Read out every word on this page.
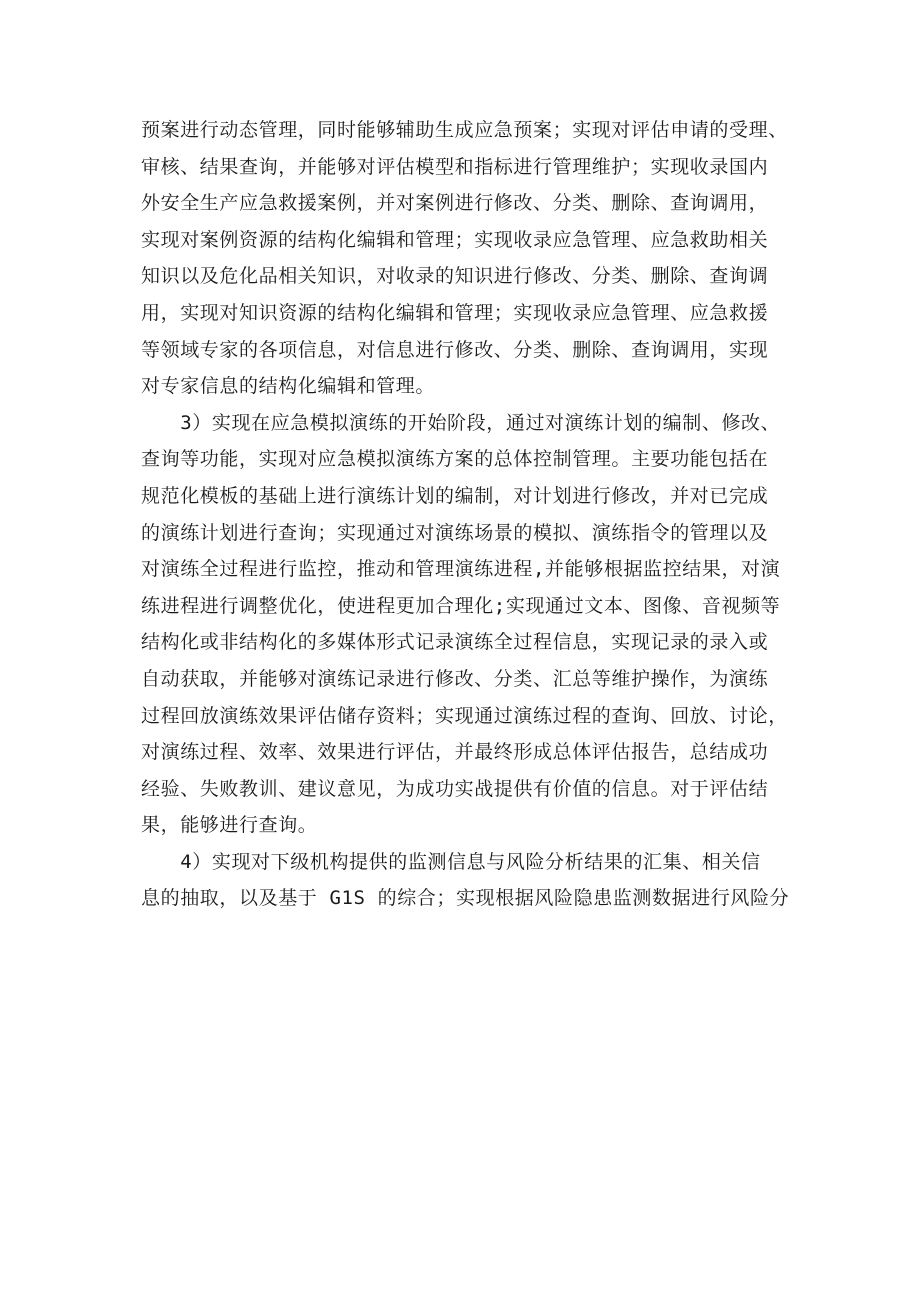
预案进行动态管理，同时能够辅助生成应急预案；实现对评估申请的受理、
审核、结果查询，并能够对评估模型和指标进行管理维护；实现收录国内
外安全生产应急救援案例，并对案例进行修改、分类、删除、查询调用，
实现对案例资源的结构化编辑和管理；实现收录应急管理、应急救助相关
知识以及危化品相关知识，对收录的知识进行修改、分类、删除、查询调
用，实现对知识资源的结构化编辑和管理；实现收录应急管理、应急救援
等领域专家的各项信息，对信息进行修改、分类、删除、查询调用，实现
对专家信息的结构化编辑和管理。
　　3）实现在应急模拟演练的开始阶段，通过对演练计划的编制、修改、
查询等功能，实现对应急模拟演练方案的总体控制管理。主要功能包括在
规范化模板的基础上进行演练计划的编制，对计划进行修改，并对已完成
的演练计划进行查询；实现通过对演练场景的模拟、演练指令的管理以及
对演练全过程进行监控，推动和管理演练进程,并能够根据监控结果，对演
练进程进行调整优化，使进程更加合理化;实现通过文本、图像、音视频等
结构化或非结构化的多媒体形式记录演练全过程信息，实现记录的录入或
自动获取，并能够对演练记录进行修改、分类、汇总等维护操作，为演练
过程回放演练效果评估储存资料；实现通过演练过程的查询、回放、讨论，
对演练过程、效率、效果进行评估，并最终形成总体评估报告，总结成功
经验、失败教训、建议意见，为成功实战提供有价值的信息。对于评估结
果，能够进行查询。
　　4）实现对下级机构提供的监测信息与风险分析结果的汇集、相关信
息的抽取，以及基于 G1S 的综合；实现根据风险隐患监测数据进行风险分
